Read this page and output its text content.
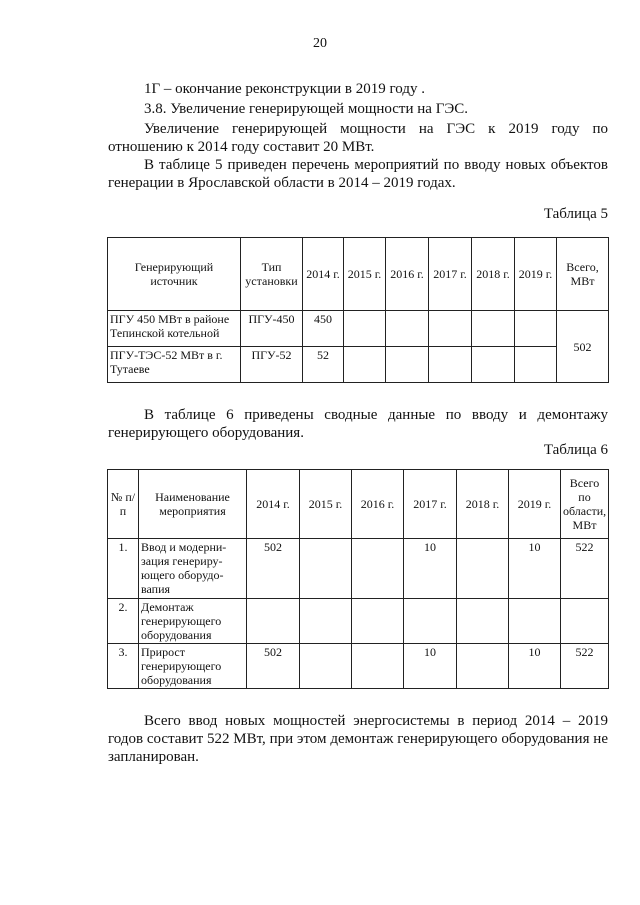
20

1Г – окончание реконструкции в 2019 году .

3.8. Увеличение генерирующей мощности на ГЭС.

Увеличение генерирующей мощности на ГЭС к 2019 году по отношению к 2014 году составит 20 МВт.

В таблице 5 приведен перечень мероприятий по вводу новых объектов генерации в Ярославской области в 2014 – 2019 годах.

Таблица 5
Генерирующий источник	Тип установки	2014 г.	2015 г.	2016 г.	2017 г.	2018 г.	2019 г.	Всего, МВт
ПГУ 450 МВт в районе Тепинской котельной	ПГУ-450	450						502
ПГУ-ТЭС-52 МВт в г. Тутаеве	ПГУ-52	52						

В таблице 6 приведены сводные данные по вводу и демонтажу генерирующего оборудования.

Таблица 6
№ п/п	Наименование мероприятия	2014 г.	2015 г.	2016 г.	2017 г.	2018 г.	2019 г.	Всего по области, МВт
1.	Ввод и модерни-зация генериру-ющего оборудо-вапия	502			10		10	522
2.	Демонтаж генерирующего оборудования							
3.	Прирост генерирующего оборудования	502			10		10	522

Всего ввод новых мощностей энергосистемы в период 2014 – 2019 годов составит 522 МВт, при этом демонтаж генерирующего оборудования не запланирован.
